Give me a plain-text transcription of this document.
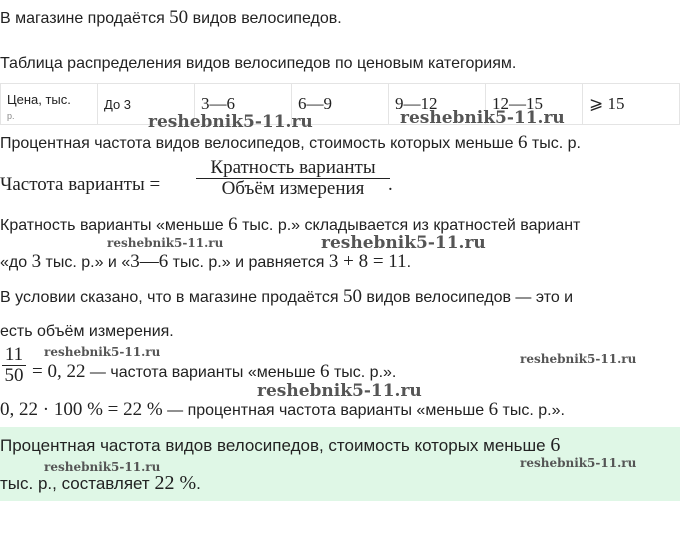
В магазине продаётся 50 видов велосипедов.
Таблица распределения видов велосипедов по ценовым категориям.
Цена, тыс.
р.	До 3	3—6	6—9	9—12	12—15	⩾ 15
Процентная частота видов велосипедов, стоимость которых меньше 6 тыс. р.
Частота варианты =
Кратность варианты
Объём измерения	.
Кратность варианты «меньше 6 тыс. р.» складывается из кратностей вариант
«до 3 тыс. р.» и «3—6 тыс. р.» и равняется 3 + 8 = 11.
В условии сказано, что в магазине продаётся 50 видов велосипедов — это и
есть объём измерения.
11
50 = 0, 22 — частота варианты «меньше 6 тыс. р.».
0, 22 · 100 % = 22 % — процентная частота варианты «меньше 6 тыс. р.».
Процентная частота видов велосипедов, стоимость которых меньше 6
тыс. р., составляет 22 %.
reshebnik5-11.ru	reshebnik5-11.ru
reshebnik5-11.ru	reshebnik5-11.ru
reshebnik5-11.ru	reshebnik5-11.ru
reshebnik5-11.ru
reshebnik5-11.ru	reshebnik5-11.ru
